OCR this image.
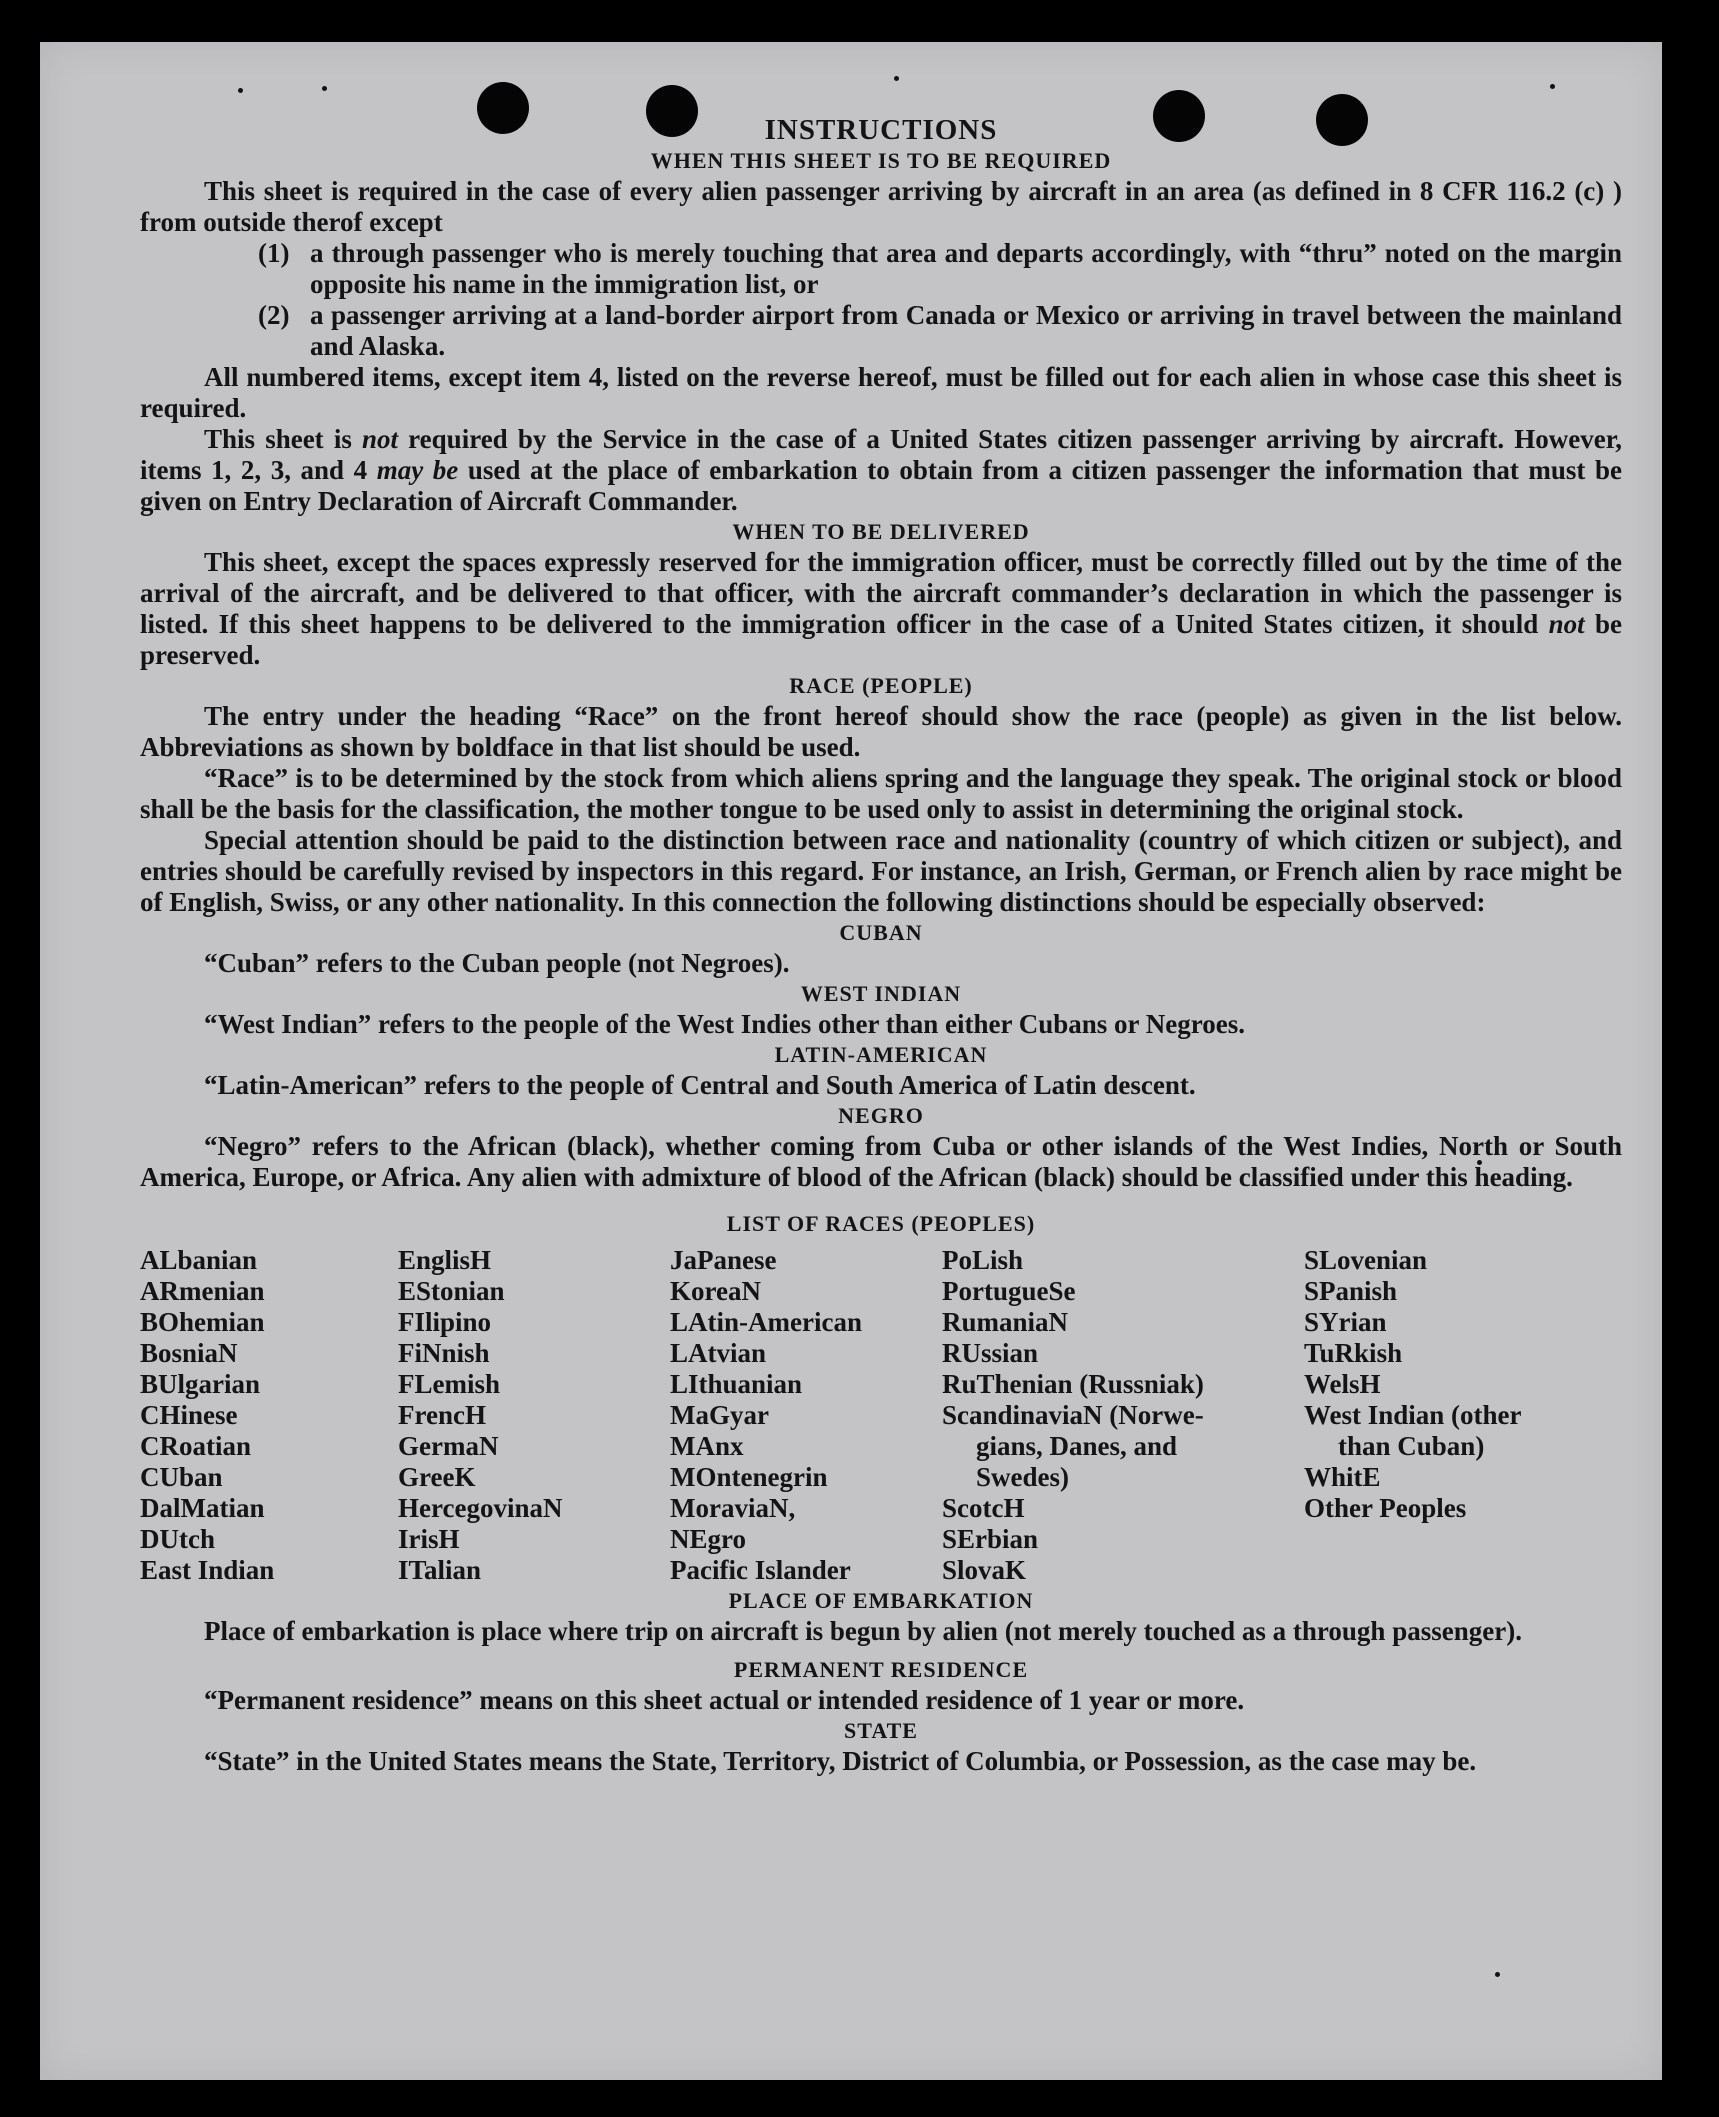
INSTRUCTIONS
WHEN THIS SHEET IS TO BE REQUIRED

This sheet is required in the case of every alien passenger arriving by aircraft in an area (as defined in 8 CFR 116.2 (c) ) from outside therof except

(1) a through passenger who is merely touching that area and departs accordingly, with “thru” noted on the margin opposite his name in the immigration list, or
(2) a passenger arriving at a land-border airport from Canada or Mexico or arriving in travel between the mainland and Alaska.

All numbered items, except item 4, listed on the reverse hereof, must be filled out for each alien in whose case this sheet is required.

This sheet is not required by the Service in the case of a United States citizen passenger arriving by aircraft. However, items 1, 2, 3, and 4 may be used at the place of embarkation to obtain from a citizen passenger the information that must be given on Entry Declaration of Aircraft Commander.

WHEN TO BE DELIVERED

This sheet, except the spaces expressly reserved for the immigration officer, must be correctly filled out by the time of the arrival of the aircraft, and be delivered to that officer, with the aircraft commander’s declaration in which the passenger is listed. If this sheet happens to be delivered to the immigration officer in the case of a United States citizen, it should not be preserved.

RACE (PEOPLE)

The entry under the heading “Race” on the front hereof should show the race (people) as given in the list below. Abbreviations as shown by boldface in that list should be used.

“Race” is to be determined by the stock from which aliens spring and the language they speak. The original stock or blood shall be the basis for the classification, the mother tongue to be used only to assist in determining the original stock.

Special attention should be paid to the distinction between race and nationality (country of which citizen or subject), and entries should be carefully revised by inspectors in this regard. For instance, an Irish, German, or French alien by race might be of English, Swiss, or any other nationality. In this connection the following distinctions should be especially observed:

CUBAN
“Cuban” refers to the Cuban people (not Negroes).
WEST INDIAN
“West Indian” refers to the people of the West Indies other than either Cubans or Negroes.
LATIN-AMERICAN
“Latin-American” refers to the people of Central and South America of Latin descent.
NEGRO

“Negro” refers to the African (black), whether coming from Cuba or other islands of the West Indies, North or South America, Europe, or Africa. Any alien with admixture of blood of the African (black) should be classified under this heading.

LIST OF RACES (PEOPLES)
ALbanian
ARmenian
BOhemian
BosniaN
BUlgarian
CHinese
CRoatian
CUban
DalMatian
DUtch
East Indian
EnglisH
EStonian
FIlipino
FiNnish
FLemish
FrencH
GermaN
GreeK
HercegovinaN
IrisH
ITalian
JaPanese
KoreaN
LAtin-American
LAtvian
LIthuanian
MaGyar
MAnx
MOntenegrin
MoraviaN,
NEgro
Pacific Islander
PoLish
PortugueSe
RumaniaN
RUssian
RuThenian (Russniak)
ScandinaviaN (Norwe-
gians, Danes, and
Swedes)
ScotcH
SErbian
SlovaK
SLovenian
SPanish
SYrian
TuRkish
WelsH
West Indian (other
than Cuban)
WhitE
Other Peoples
PLACE OF EMBARKATION

Place of embarkation is place where trip on aircraft is begun by alien (not merely touched as a through passenger).

PERMANENT RESIDENCE
“Permanent residence” means on this sheet actual or intended residence of 1 year or more.
STATE

“State” in the United States means the State, Territory, District of Columbia, or Possession, as the case may be.
